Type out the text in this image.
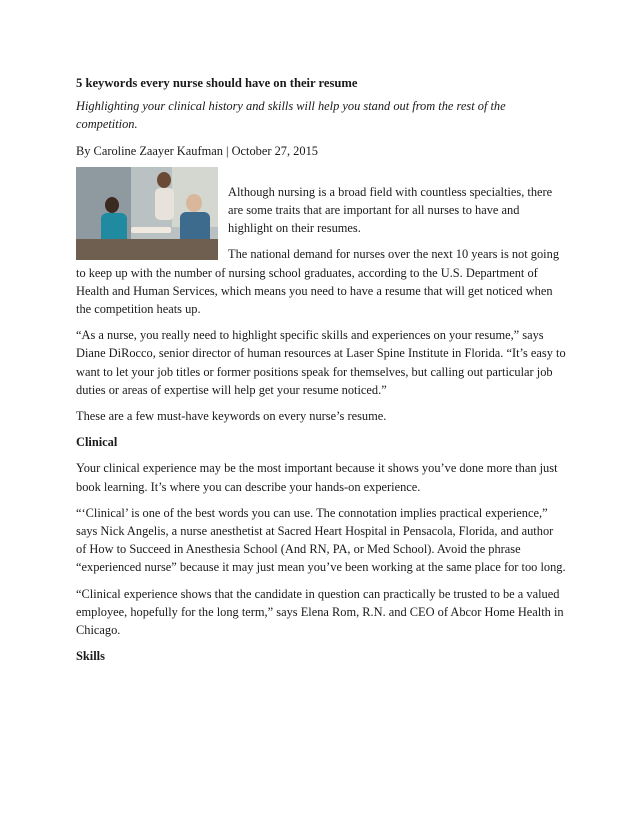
5 keywords every nurse should have on their resume
Highlighting your clinical history and skills will help you stand out from the rest of the competition.
By Caroline Zaayer Kaufman | October 27, 2015
Although nursing is a broad field with countless specialties, there are some traits that are important for all nurses to have and highlight on their resumes.
The national demand for nurses over the next 10 years is not going to keep up with the number of nursing school graduates, according to the U.S. Department of Health and Human Services, which means you need to have a resume that will get noticed when the competition heats up.
“As a nurse, you really need to highlight specific skills and experiences on your resume,” says Diane DiRocco, senior director of human resources at Laser Spine Institute in Florida. “It’s easy to want to let your job titles or former positions speak for themselves, but calling out particular job duties or areas of expertise will help get your resume noticed.”
These are a few must-have keywords on every nurse’s resume.
Clinical
Your clinical experience may be the most important because it shows you’ve done more than just book learning. It’s where you can describe your hands-on experience.
“‘Clinical’ is one of the best words you can use. The connotation implies practical experience,” says Nick Angelis, a nurse anesthetist at Sacred Heart Hospital in Pensacola, Florida, and author of How to Succeed in Anesthesia School (And RN, PA, or Med School). Avoid the phrase “experienced nurse” because it may just mean you’ve been working at the same place for too long.
“Clinical experience shows that the candidate in question can practically be trusted to be a valued employee, hopefully for the long term,” says Elena Rom, R.N. and CEO of Abcor Home Health in Chicago.
Skills
